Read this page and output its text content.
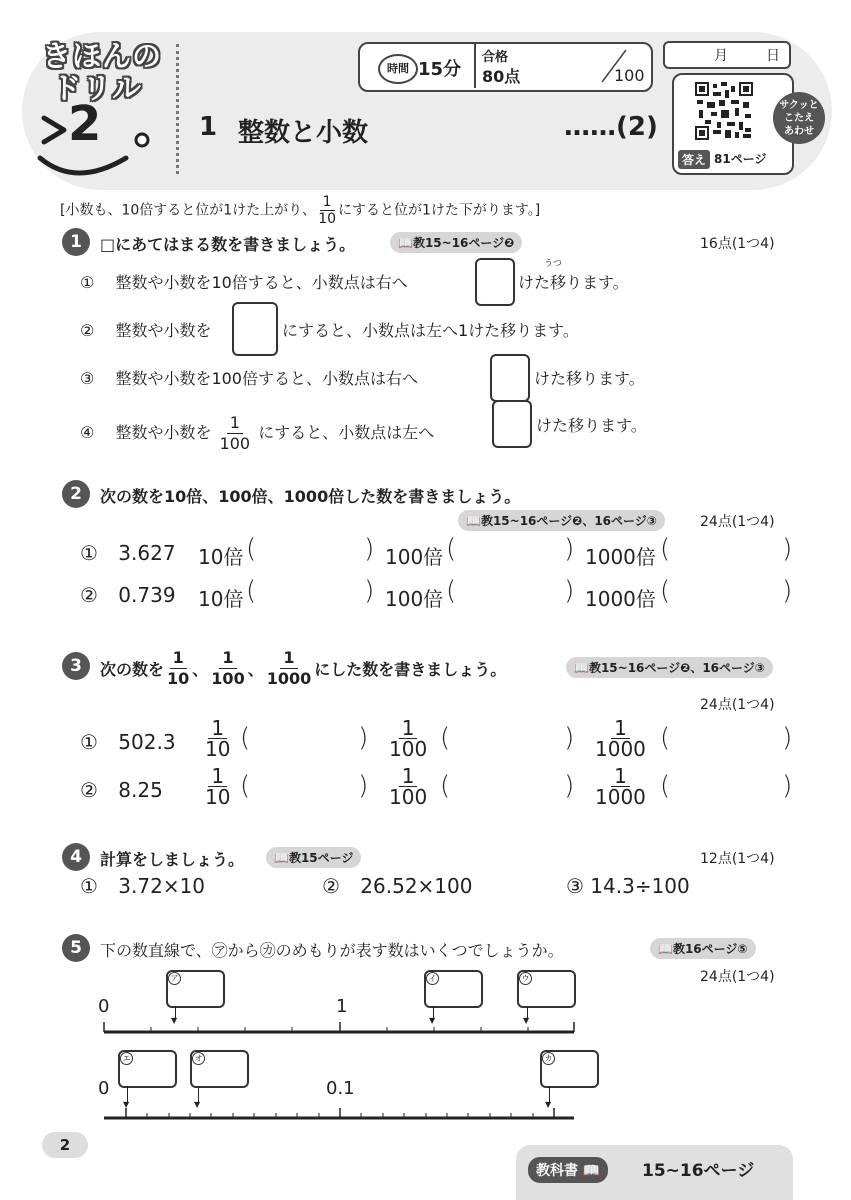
きほんの
ドリル
2	1 整数と小数	……(2)
時間 15分
合格
80点	100
月	日
サクッと
こたえ
あわせ
答え 81ページ
[小数も、10倍すると位が1けた上がり、 $\frac{1}{10}$ にすると位が1けた下がります。]
1	□にあてはまる数を書きましょう。	📖教15~16ページ❷	16点(1つ4)
① 整数や小数を10倍すると、小数点は右へ
うつ
けた移ります。
② 整数や小数を	にすると、小数点は左へ1けた移ります。
③ 整数や小数を100倍すると、小数点は右へ	けた移ります。
④ 整数や小数を $\frac{1}{100}$ にすると、小数点は左へ	けた移ります。
2	次の数を10倍、100倍、1000倍した数を書きましょう。
📖教15~16ページ❷、16ページ③	24点(1つ4)
① 3.627 10倍 (	) 100倍 (	) 1000倍 (	)
② 0.739 10倍 (	) 100倍 (	) 1000倍 (	)
3	次の数を $\frac{1}{10}$ 、 $\frac{1}{100}$ 、 $\frac{1}{1000}$ にした数を書きましょう。	📖教15~16ページ❷、16ページ③
24点(1つ4)
① $502.3 \frac{1}{10}$ (	) $\frac{1}{100}$ (	) $\frac{1}{1000}$ (	)
② $8.25 \frac{1}{10}$ (	) $\frac{1}{100}$ (	) $\frac{1}{1000}$ (	)
4	計算をしましょう。	📖教15ページ	12点(1つ4)
① 3.72×10	② 26.52×100	③ 14.3÷100
5	下の数直線で、㋐から㋕のめもりが表す数はいくつでしょうか。	📖教16ページ⑤
24点(1つ4)
0	1
ア
▼
イ
▼
ウ
▼
0	0.1
エ
▼
オ
▼
カ
▼
2
教科書 📖	15~16ページ
